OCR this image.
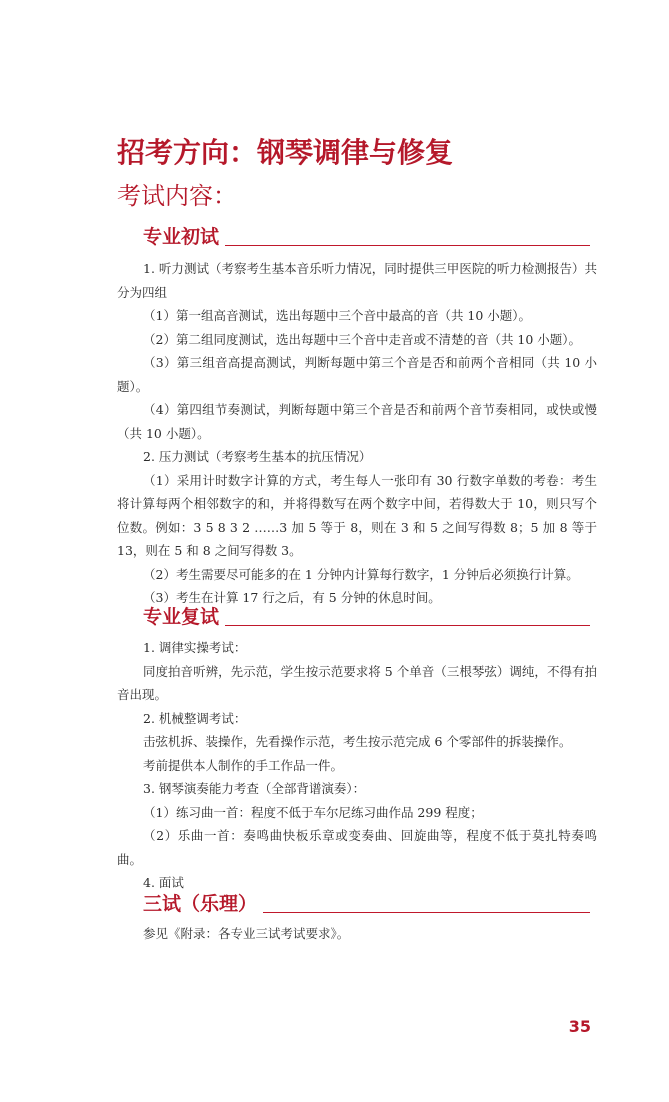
招考方向：钢琴调律与修复
考试内容：
专业初试

1. 听力测试（考察考生基本音乐听力情况，同时提供三甲医院的听力检测报告）共分为四组

（1）第一组高音测试，选出每题中三个音中最高的音（共 10 小题）。

（2）第二组同度测试，选出每题中三个音中走音或不清楚的音（共 10 小题）。

（3）第三组音高提高测试，判断每题中第三个音是否和前两个音相同（共 10 小题）。

（4）第四组节奏测试，判断每题中第三个音是否和前两个音节奏相同，或快或慢（共 10 小题）。

2. 压力测试（考察考生基本的抗压情况）

（1）采用计时数字计算的方式，考生每人一张印有 30 行数字单数的考卷：考生将计算每两个相邻数字的和，并将得数写在两个数字中间，若得数大于 10，则只写个位数。例如：3 5 8 3 2 ……3 加 5 等于 8，则在 3 和 5 之间写得数 8；5 加 8 等于 13，则在 5 和 8 之间写得数 3。

（2）考生需要尽可能多的在 1 分钟内计算每行数字，1 分钟后必须换行计算。

（3）考生在计算 17 行之后，有 5 分钟的休息时间。

专业复试

1. 调律实操考试：

同度拍音听辨，先示范，学生按示范要求将 5 个单音（三根琴弦）调纯，不得有拍音出现。

2. 机械整调考试：

击弦机拆、装操作，先看操作示范，考生按示范完成 6 个零部件的拆装操作。

考前提供本人制作的手工作品一件。

3. 钢琴演奏能力考查（全部背谱演奏）：

（1）练习曲一首：程度不低于车尔尼练习曲作品 299 程度；

（2）乐曲一首：奏鸣曲快板乐章或变奏曲、回旋曲等，程度不低于莫扎特奏鸣曲。

4. 面试

三试（乐理）

参见《附录：各专业三试考试要求》。

35
